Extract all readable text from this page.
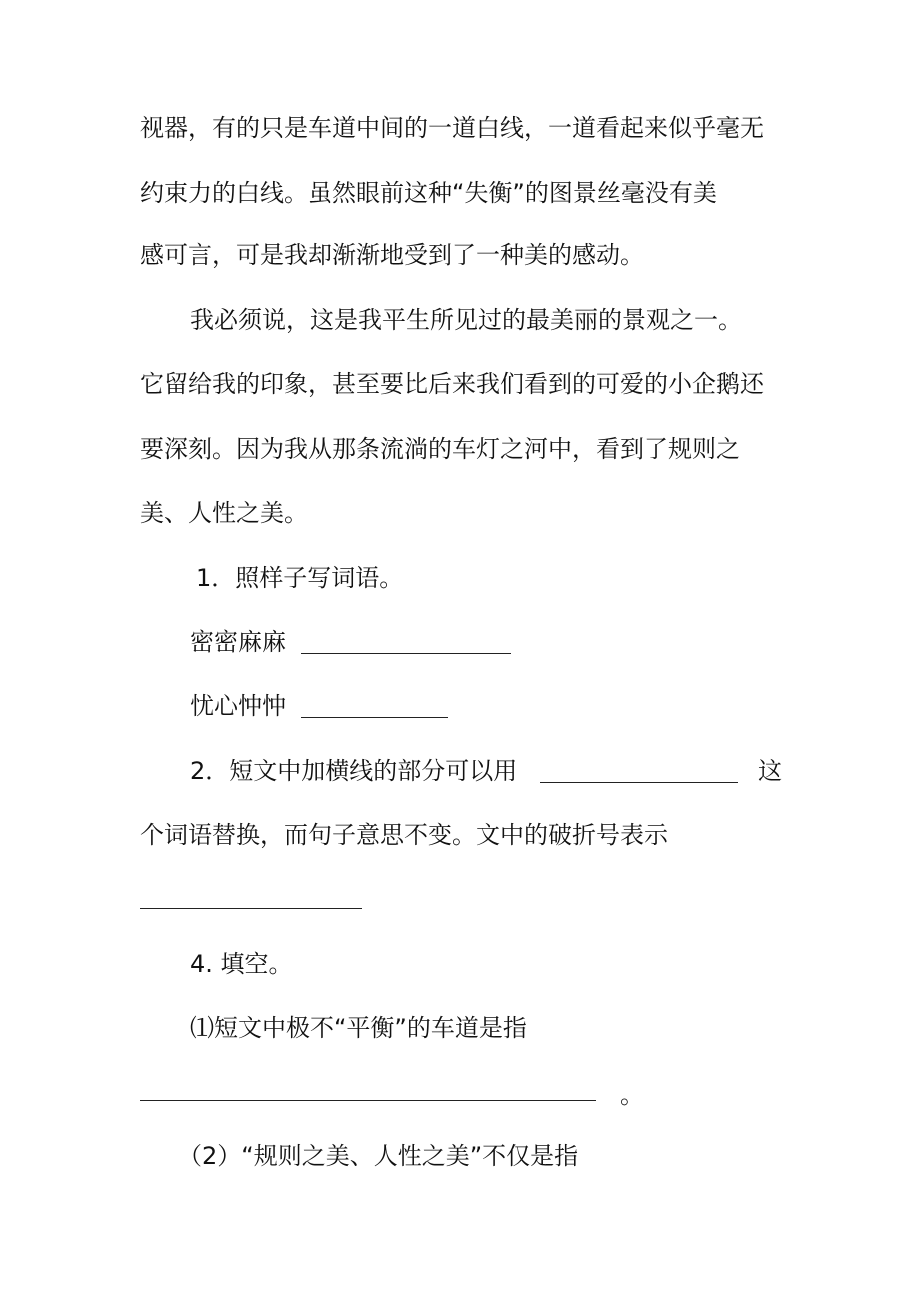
视器，有的只是车道中间的一道白线，一道看起来似乎毫无
约束力的白线。虽然眼前这种“失衡”的图景丝毫没有美
感可言，可是我却渐渐地受到了一种美的感动。
我必须说，这是我平生所见过的最美丽的景观之一。
它留给我的印象，甚至要比后来我们看到的可爱的小企鹅还
要深刻。因为我从那条流淌的车灯之河中，看到了规则之
美、人性之美。
1．照样子写词语。
密密麻麻
忧心忡忡
2．短文中加横线的部分可以用	这
个词语替换，而句子意思不变。文中的破折号表示
4. 填空。
⑴短文中极不“平衡”的车道是指
。
（2）“规则之美、人性之美”不仅是指
